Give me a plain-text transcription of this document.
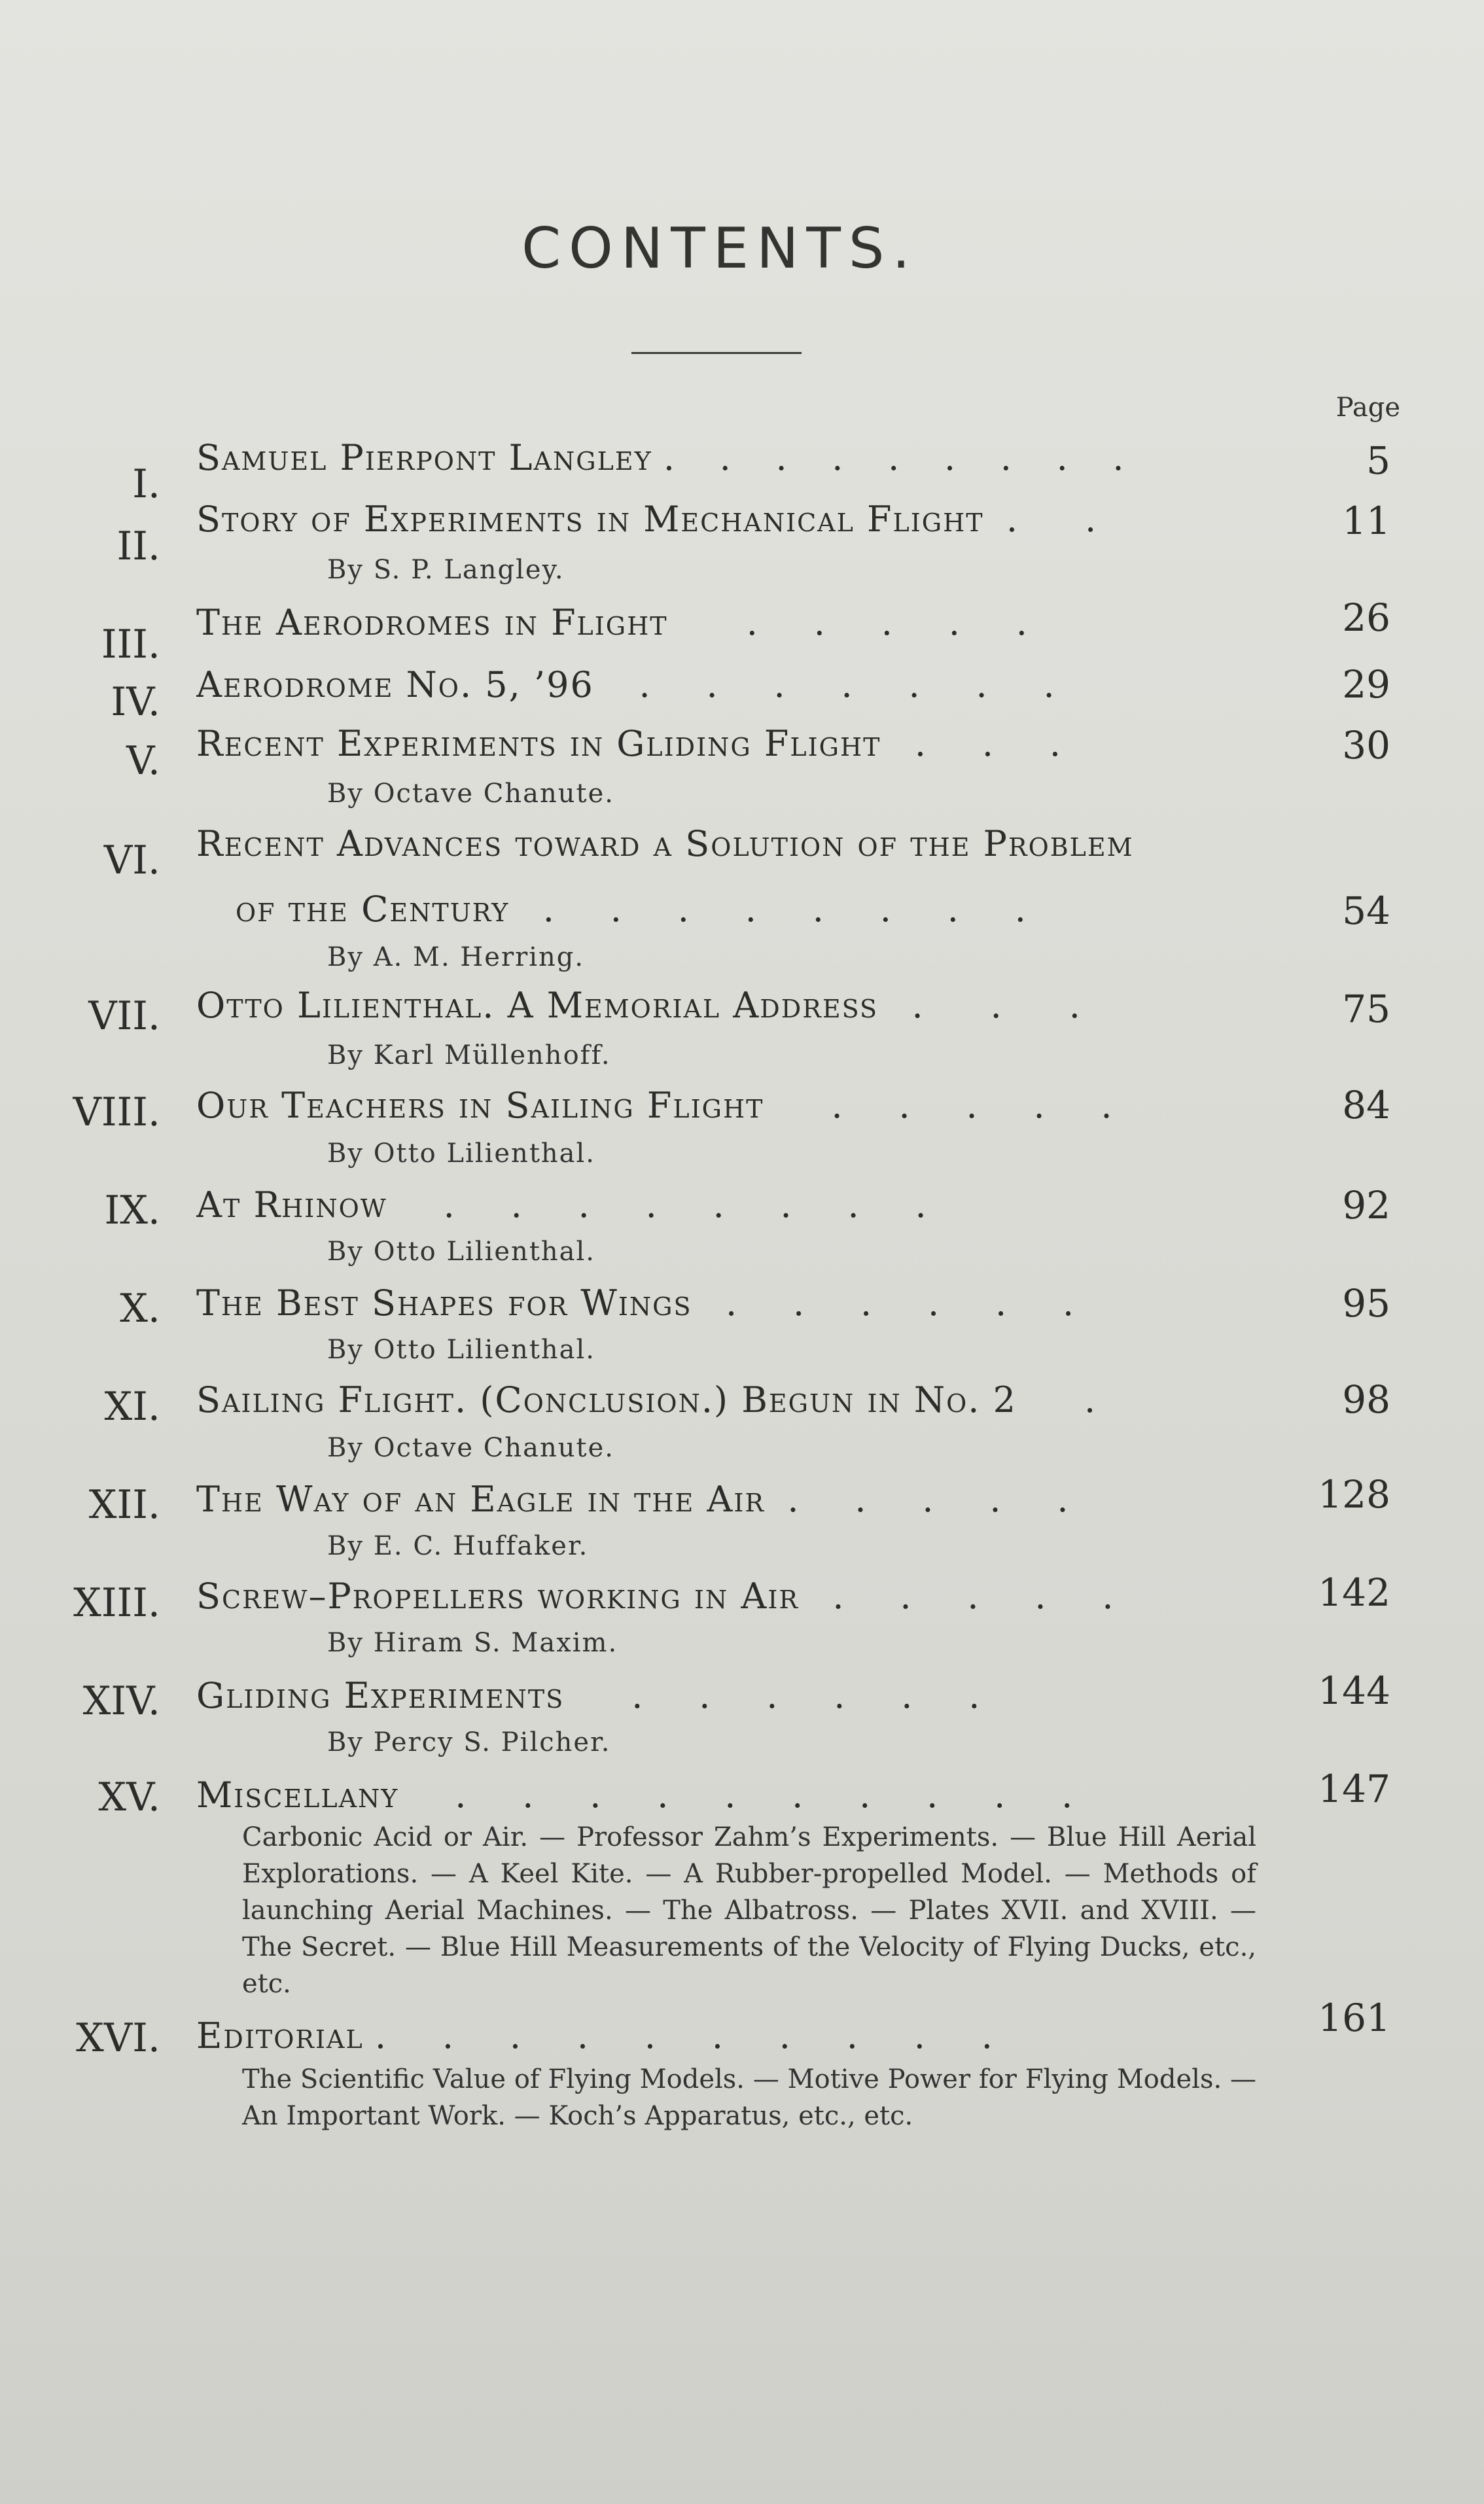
CONTENTS.
Page
I.
Samuel Pierpont Langley .    .    .    .    .    .    .    .    .	5
II.
Story of Experiments in Mechanical Flight  .      .	11
By S. P. Langley.
III. The Aerodromes in Flight       .     .     .     .     .	26
IV. Aerodrome No. 5, ’96    .     .     .     .     .     .     .	29
V. Recent Experiments in Gliding Flight   .     .     .	30
By Octave Chanute.
VI. Recent Advances toward a Solution of the Problem
of the Century   .     .     .     .     .     .     .     .	54
By A. M. Herring.
VII. Otto Lilienthal. A Memorial Address   .      .      .	75
By Karl Müllenhoff.
VIII. Our Teachers in Sailing Flight      .     .     .     .     .	84
By Otto Lilienthal.
IX. At Rhinow     .     .     .     .     .     .     .     .	92
By Otto Lilienthal.
X. The Best Shapes for Wings   .     .     .     .     .     .	95
By Otto Lilienthal.
XI. Sailing Flight. (Conclusion.) Begun in No. 2      .	98
By Octave Chanute.
XII. The Way of an Eagle in the Air  .     .     .     .     .	128
By E. C. Huffaker.
XIII. Screw–Propellers working in Air   .     .     .     .     .	142
By Hiram S. Maxim.
XIV. Gliding Experiments      .     .     .     .     .     .	144
By Percy S. Pilcher.
XV. Miscellany     .     .     .     .     .     .     .     .     .     .	147
Carbonic Acid or Air. — Professor Zahm’s Experiments. — Blue Hill Aerial Explorations. — A Keel Kite. — A Rubber-propelled Model. — Methods of launching Aerial Machines. — The Albatross. — Plates XVII. and XVIII. — The Secret. — Blue Hill Measurements of the Velocity of Flying Ducks, etc., etc.
XVI. Editorial .     .     .     .     .     .     .     .     .     .	161
The Scientific Value of Flying Models. — Motive Power for Flying Models. — An Important Work. — Koch’s Apparatus, etc., etc.
